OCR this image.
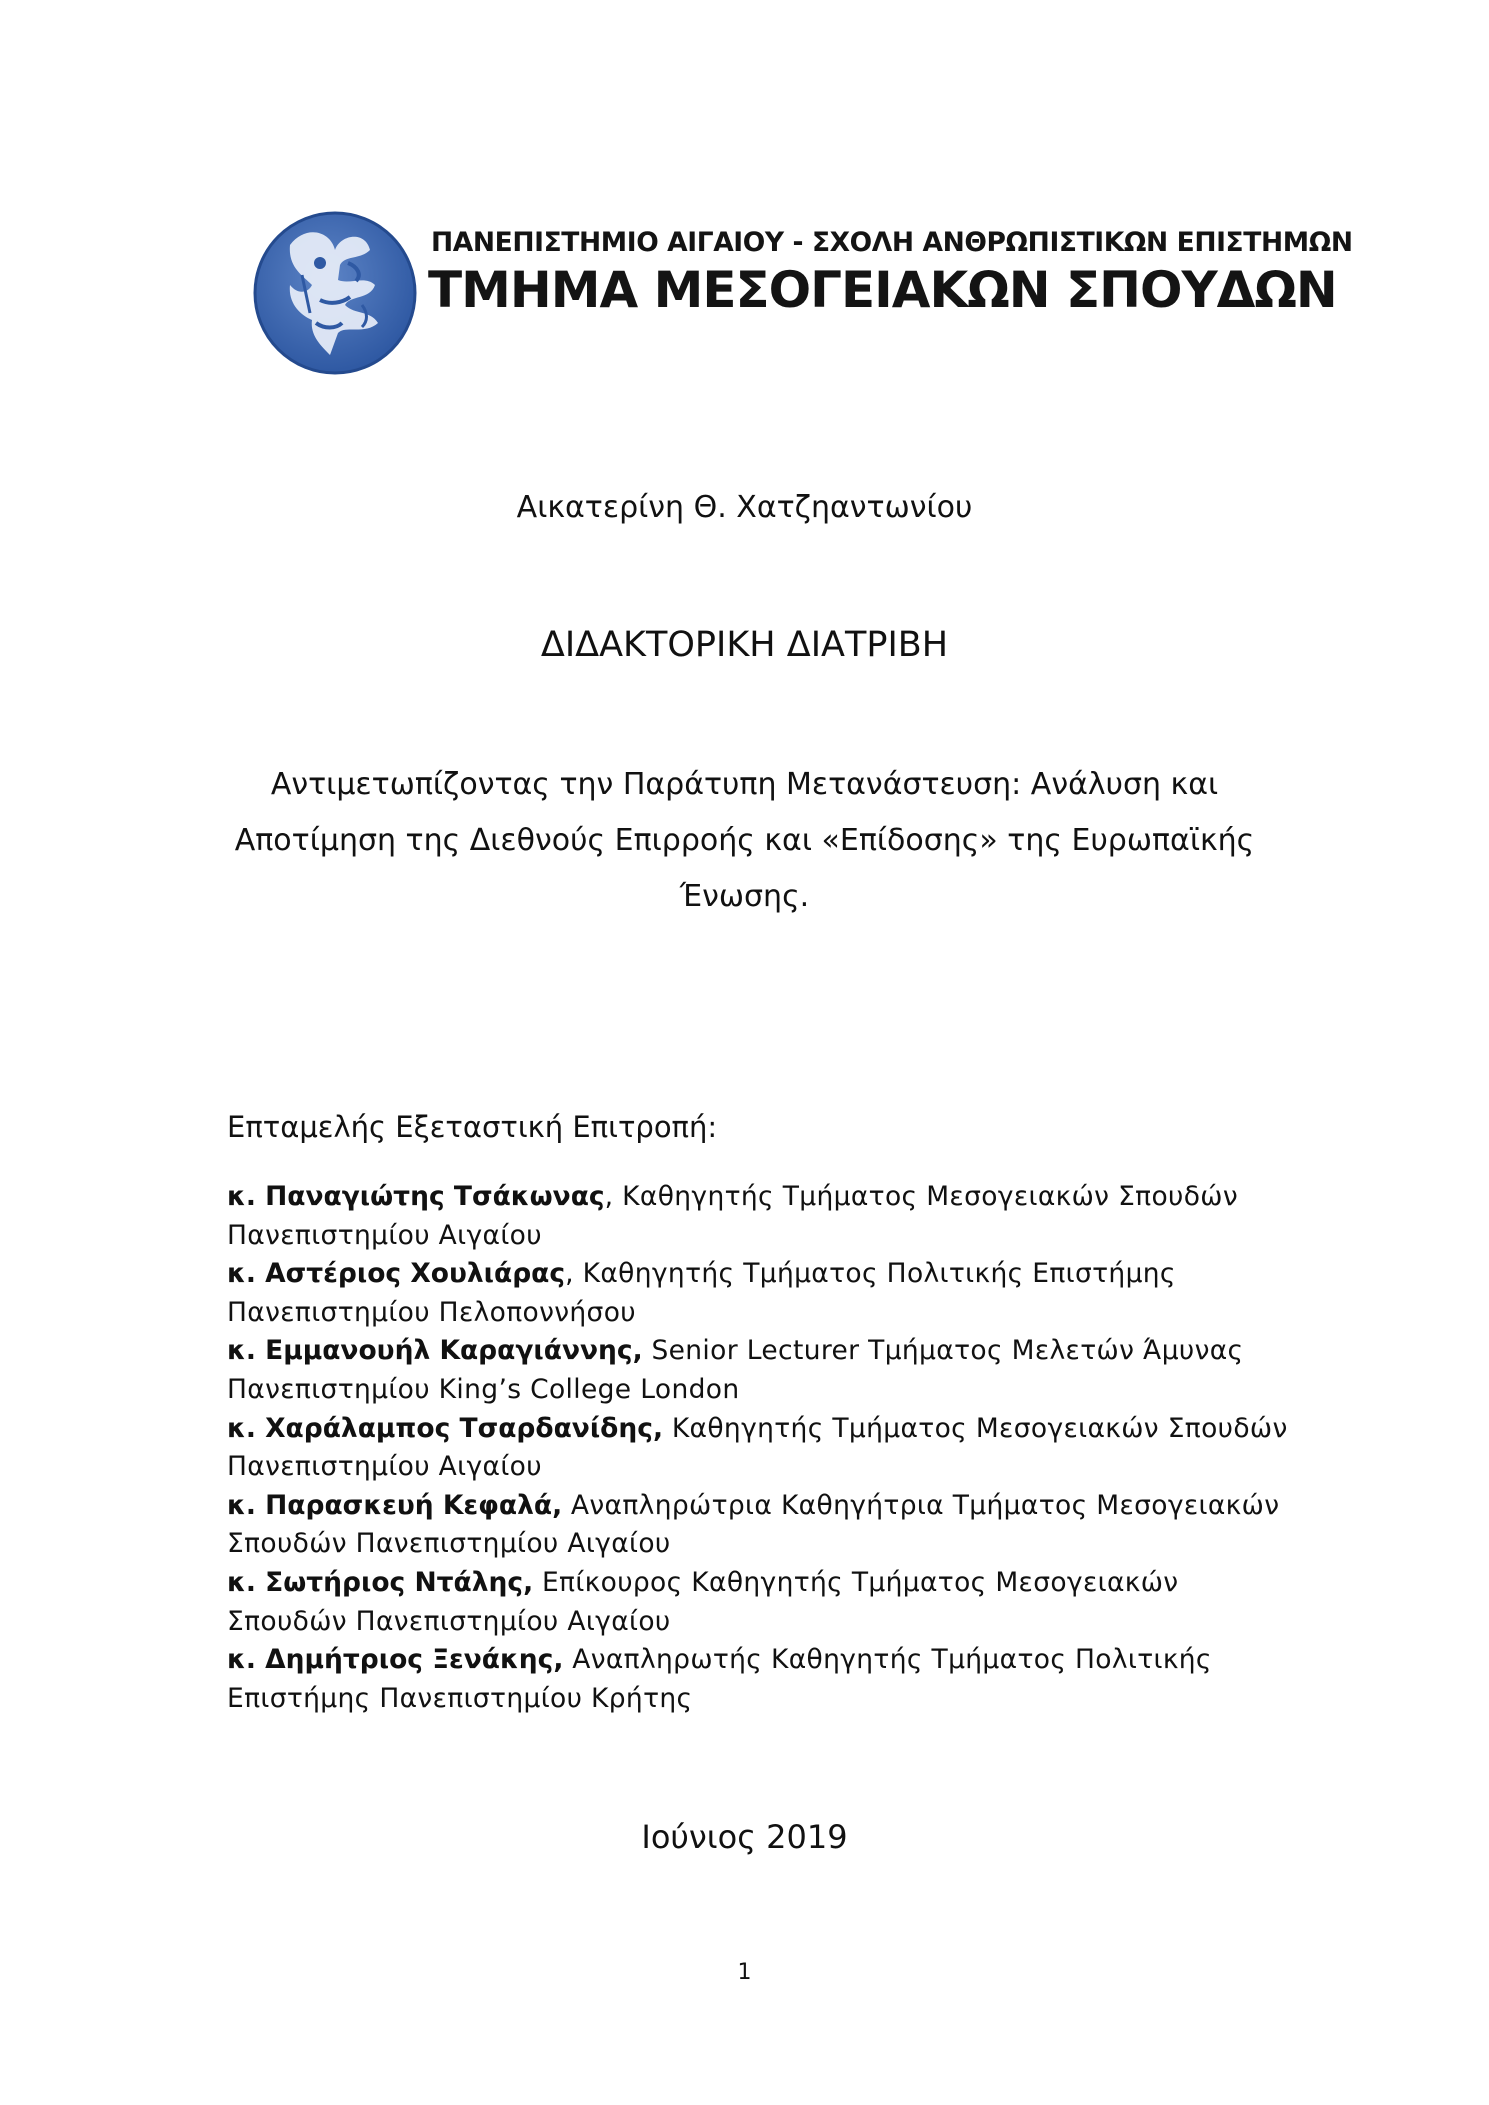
ΠΑΝΕΠΙΣΤΗΜΙΟ ΑΙΓΑΙΟΥ - ΣΧΟΛΗ ΑΝΘΡΩΠΙΣΤΙΚΩΝ ΕΠΙΣΤΗΜΩΝ
ΤΜΗΜΑ ΜΕΣΟΓΕΙΑΚΩΝ ΣΠΟΥΔΩΝ
Αικατερίνη Θ. Χατζηαντωνίου
ΔΙΔΑΚΤΟΡΙΚΗ ΔΙΑΤΡΙΒΗ
Αντιμετωπίζοντας την Παράτυπη Μετανάστευση: Ανάλυση και
Αποτίμηση της Διεθνούς Επιρροής και «Επίδοσης» της Ευρωπαϊκής
Ένωσης.
Επταμελής Εξεταστική Επιτροπή:
κ. Παναγιώτης Τσάκωνας, Καθηγητής Τμήματος Μεσογειακών Σπουδών
Πανεπιστημίου Αιγαίου
κ. Αστέριος Χουλιάρας, Καθηγητής Τμήματος Πολιτικής Επιστήμης
Πανεπιστημίου Πελοποννήσου
κ. Εμμανουήλ Καραγιάννης, Senior Lecturer Τμήματος Μελετών Άμυνας
Πανεπιστημίου King’s College London
κ. Χαράλαμπος Τσαρδανίδης, Καθηγητής Τμήματος Μεσογειακών Σπουδών
Πανεπιστημίου Αιγαίου
κ. Παρασκευή Κεφαλά, Αναπληρώτρια Καθηγήτρια Τμήματος Μεσογειακών
Σπουδών Πανεπιστημίου Αιγαίου
κ. Σωτήριος Ντάλης, Επίκουρος Καθηγητής Τμήματος Μεσογειακών
Σπουδών Πανεπιστημίου Αιγαίου
κ. Δημήτριος Ξενάκης, Αναπληρωτής Καθηγητής Τμήματος Πολιτικής
Επιστήμης Πανεπιστημίου Κρήτης
Ιούνιος 2019
1
